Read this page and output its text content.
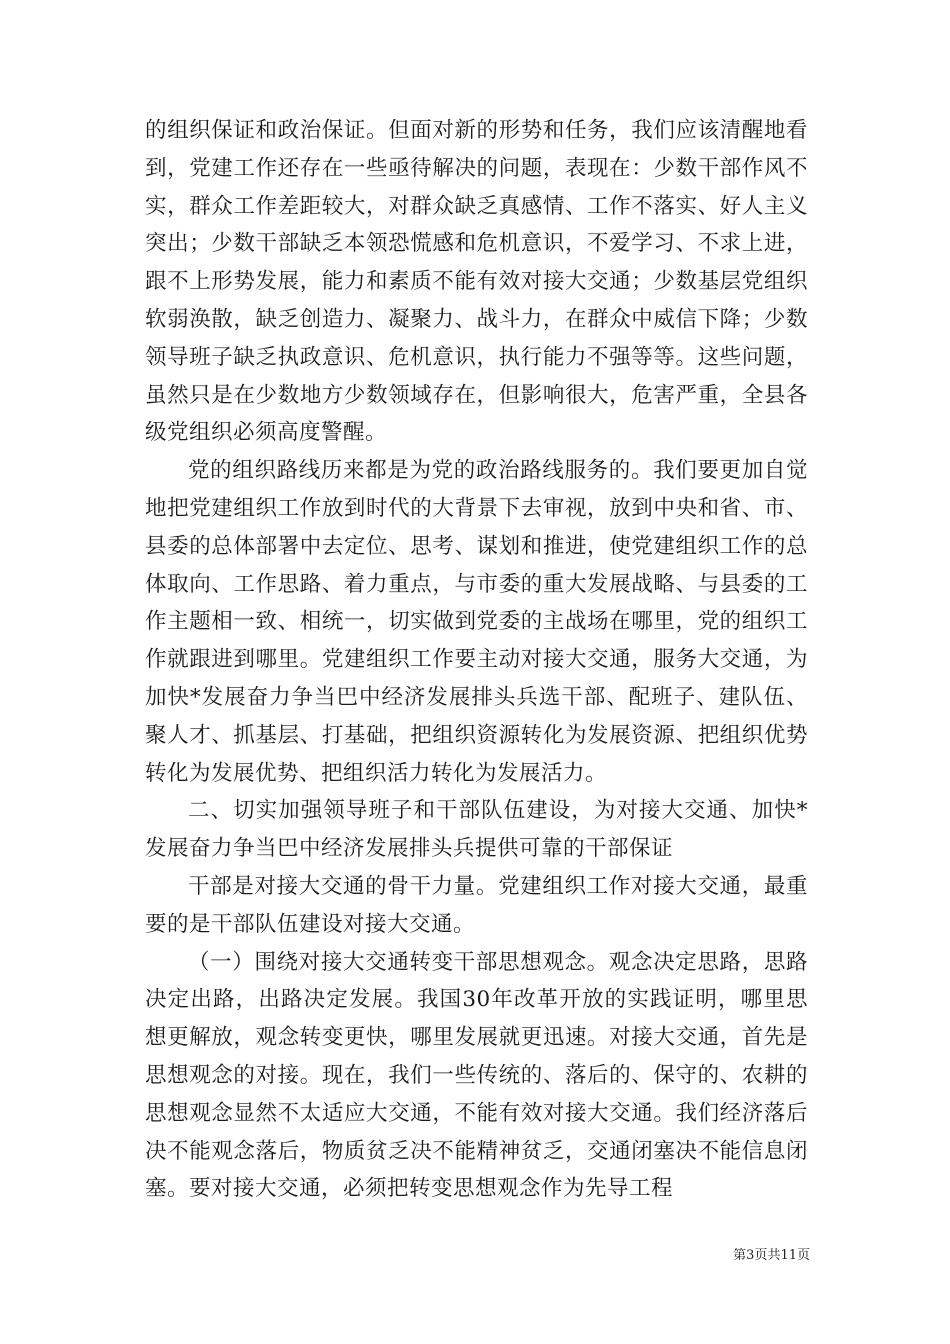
的组织保证和政治保证。但面对新的形势和任务，我们应该清醒地看到，党建工作还存在一些亟待解决的问题，表现在：少数干部作风不实，群众工作差距较大，对群众缺乏真感情、工作不落实、好人主义突出；少数干部缺乏本领恐慌感和危机意识，不爱学习、不求上进，跟不上形势发展，能力和素质不能有效对接大交通；少数基层党组织软弱涣散，缺乏创造力、凝聚力、战斗力，在群众中威信下降；少数领导班子缺乏执政意识、危机意识，执行能力不强等等。这些问题，虽然只是在少数地方少数领域存在，但影响很大，危害严重，全县各级党组织必须高度警醒。

党的组织路线历来都是为党的政治路线服务的。我们要更加自觉地把党建组织工作放到时代的大背景下去审视，放到中央和省、市、县委的总体部署中去定位、思考、谋划和推进，使党建组织工作的总体取向、工作思路、着力重点，与市委的重大发展战略、与县委的工作主题相一致、相统一，切实做到党委的主战场在哪里，党的组织工作就跟进到哪里。党建组织工作要主动对接大交通，服务大交通，为加快*发展奋力争当巴中经济发展排头兵选干部、配班子、建队伍、聚人才、抓基层、打基础，把组织资源转化为发展资源、把组织优势转化为发展优势、把组织活力转化为发展活力。

二、切实加强领导班子和干部队伍建设，为对接大交通、加快*发展奋力争当巴中经济发展排头兵提供可靠的干部保证

干部是对接大交通的骨干力量。党建组织工作对接大交通，最重要的是干部队伍建设对接大交通。

（一）围绕对接大交通转变干部思想观念。观念决定思路，思路决定出路，出路决定发展。我国30年改革开放的实践证明，哪里思想更解放，观念转变更快，哪里发展就更迅速。对接大交通，首先是思想观念的对接。现在，我们一些传统的、落后的、保守的、农耕的思想观念显然不太适应大交通，不能有效对接大交通。我们经济落后决不能观念落后，物质贫乏决不能精神贫乏，交通闭塞决不能信息闭塞。要对接大交通，必须把转变思想观念作为先导工程

第3页共11页
